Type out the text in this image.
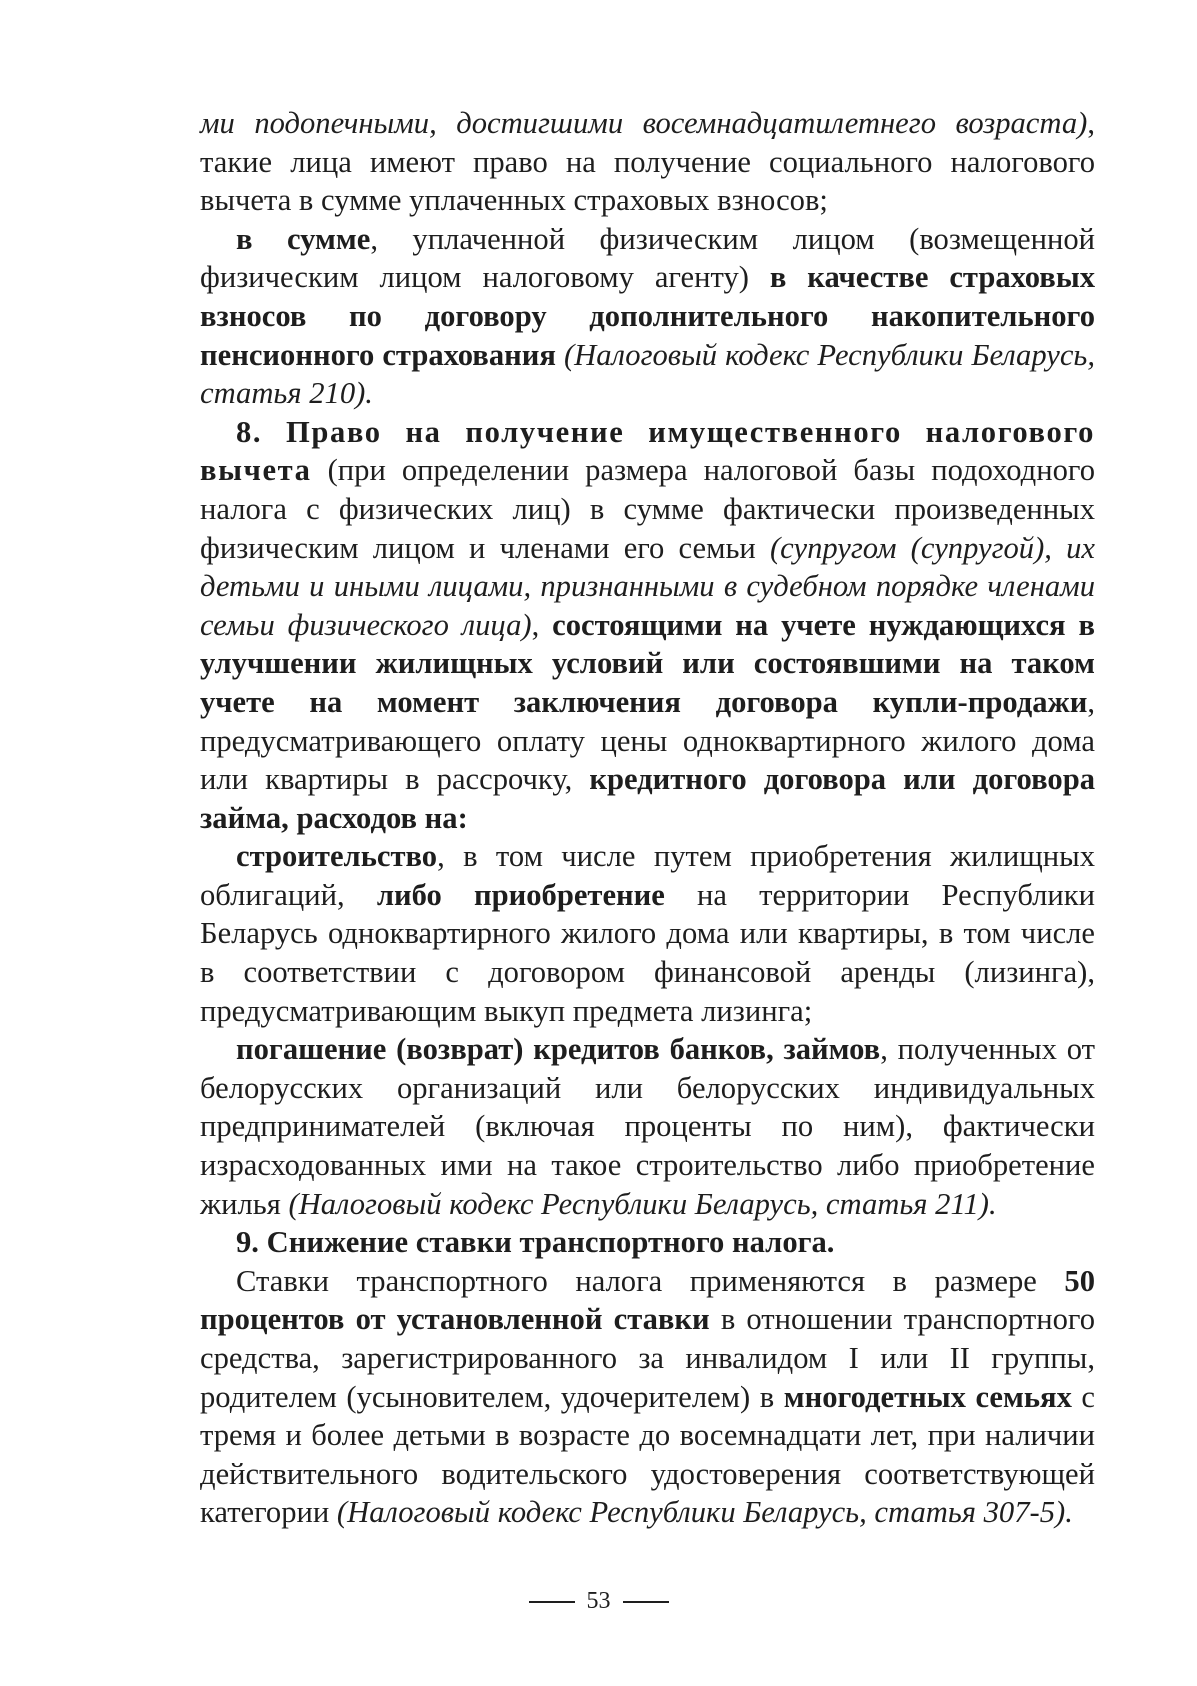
ми подопечными, достигшими восемнадцатилетнего возраста), такие лица имеют право на получение социального налогового вычета в сумме уплаченных страховых взносов;

в сумме, уплаченной физическим лицом (возмещенной физическим лицом налоговому агенту) в качестве страховых взносов по договору дополнительного накопительного пенсионного страхования (Налоговый кодекс Республики Беларусь, статья 210).

8. Право на получение имущественного налогового вычета (при определении размера налоговой базы подоходного налога с физических лиц) в сумме фактически произведенных физическим лицом и членами его семьи (супругом (супругой), их детьми и иными лицами, признанными в судебном порядке членами семьи физического лица), состоящими на учете нуждающихся в улучшении жилищных условий или состоявшими на таком учете на момент заключения договора купли-продажи, предусматривающего оплату цены одноквартирного жилого дома или квартиры в рассрочку, кредитного договора или договора займа, расходов на:

строительство, в том числе путем приобретения жилищных облигаций, либо приобретение на территории Республики Беларусь одноквартирного жилого дома или квартиры, в том числе в соответствии с договором финансовой аренды (лизинга), предусматривающим выкуп предмета лизинга;

погашение (возврат) кредитов банков, займов, полученных от белорусских организаций или белорусских индивидуальных предпринимателей (включая проценты по ним), фактически израсходованных ими на такое строительство либо приобретение жилья (Налоговый кодекс Республики Беларусь, статья 211).

9. Снижение ставки транспортного налога.

Ставки транспортного налога применяются в размере 50 процентов от установленной ставки в отношении транспортного средства, зарегистрированного за инвалидом I или II группы, родителем (усыновителем, удочерителем) в многодетных семьях с тремя и более детьми в возрасте до восемнадцати лет, при наличии действительного водительского удостоверения соответствующей категории (Налоговый кодекс Республики Беларусь, статья 307-5).

53
